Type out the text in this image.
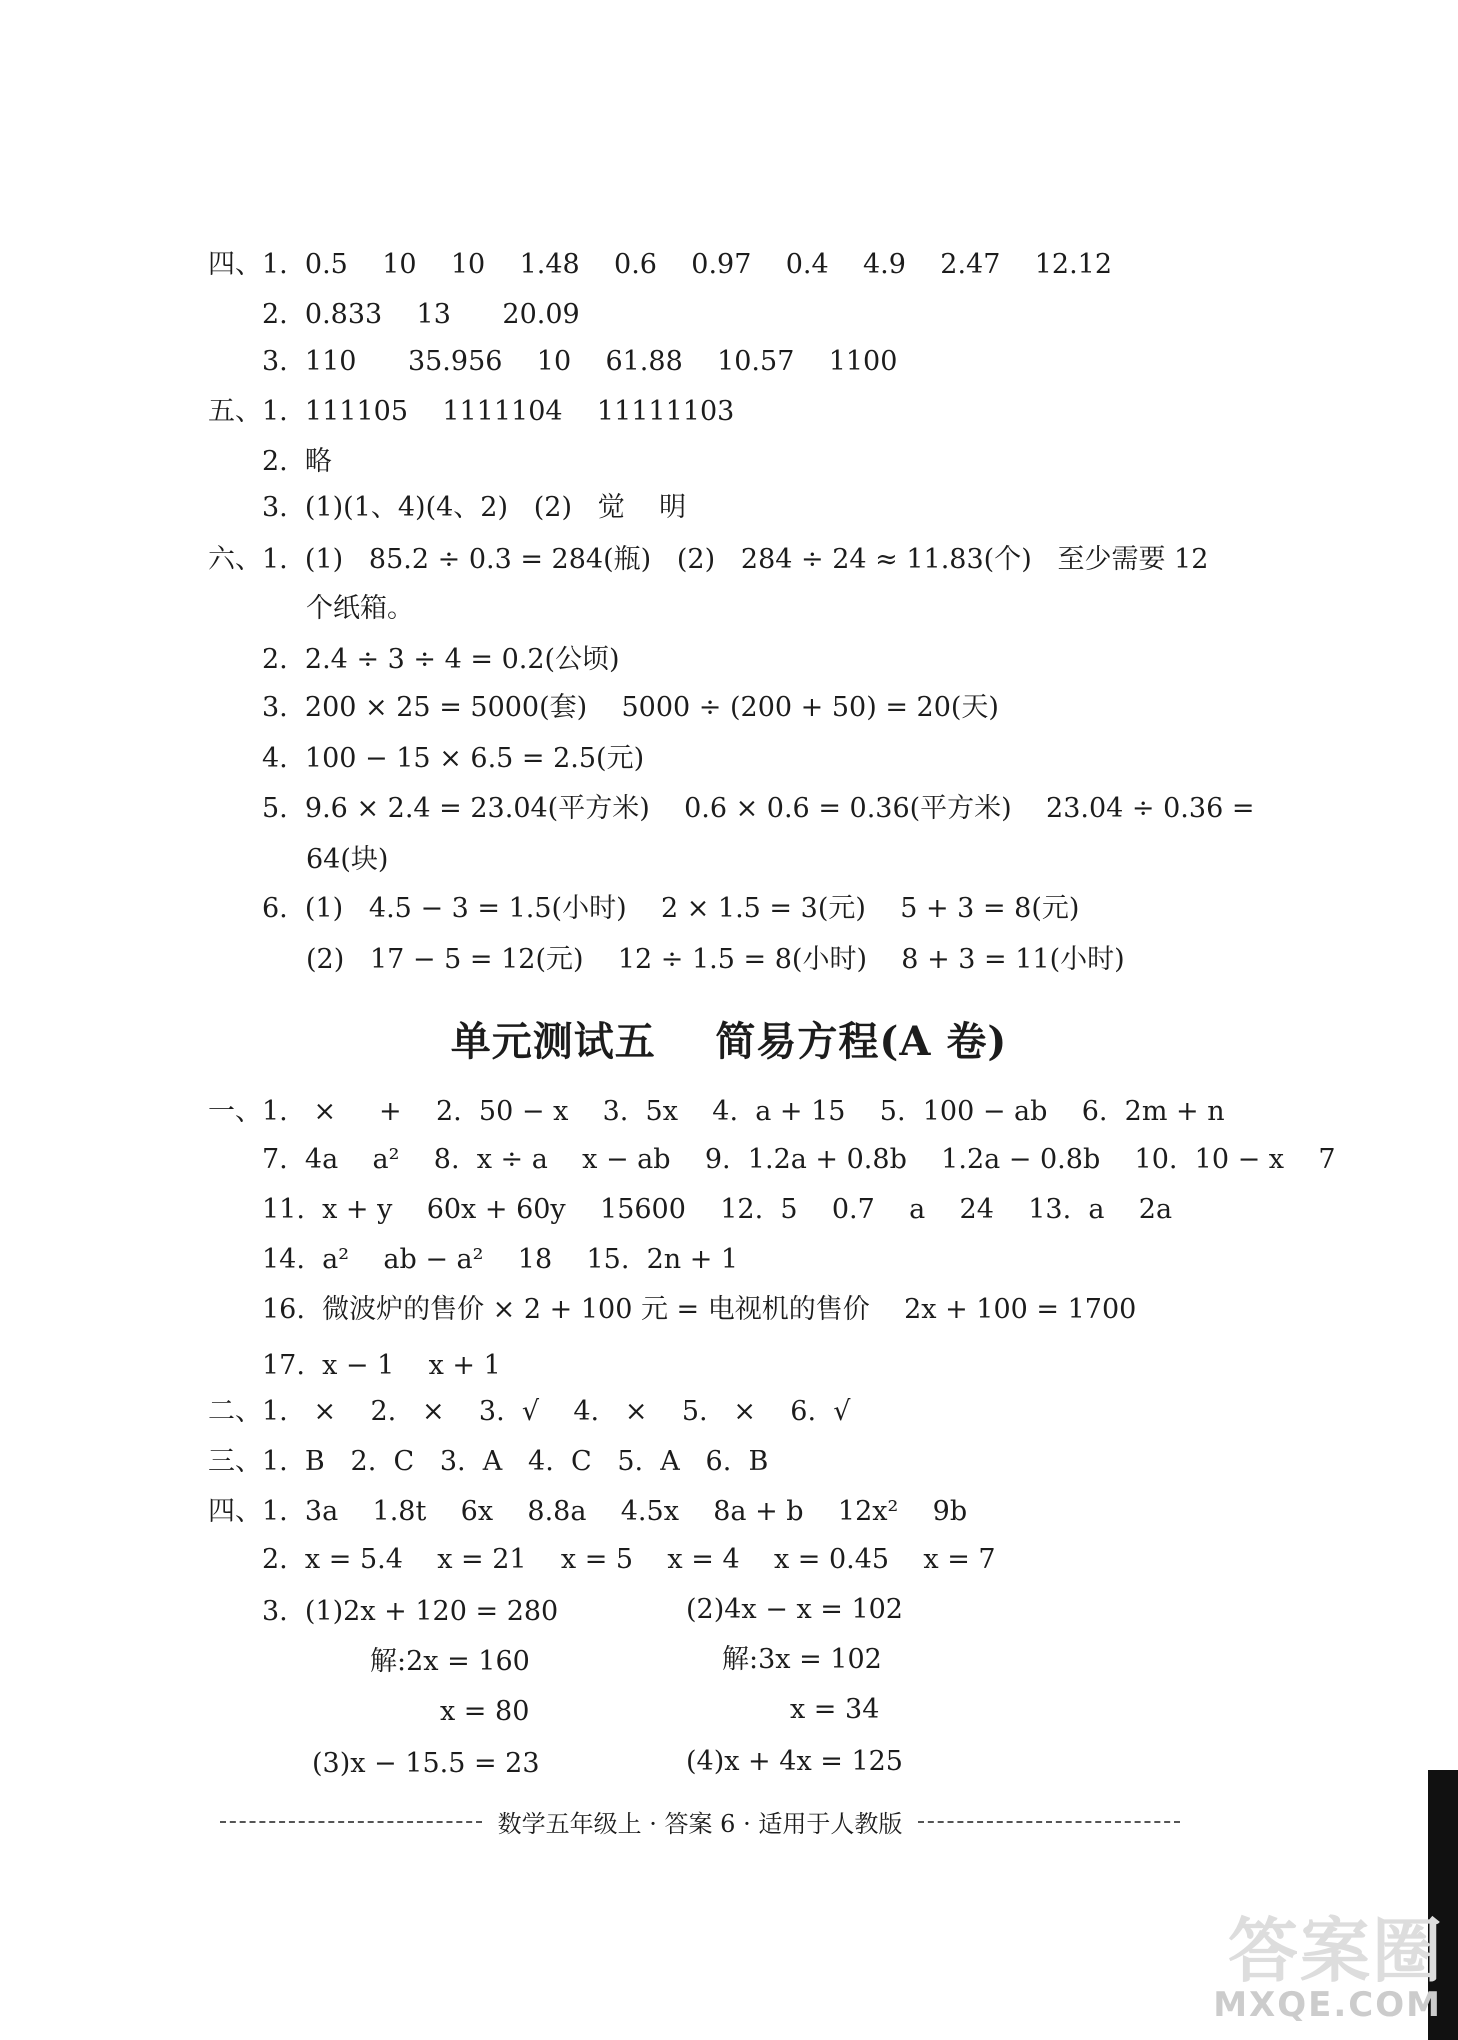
四、1.  0.5    10    10    1.48    0.6    0.97    0.4    4.9    2.47    12.12
2.  0.833    13      20.09
3.  110      35.956    10    61.88    10.57    1100
五、1.  111105    1111104    11111103
2.  略
3.  (1)(1、4)(4、2)   (2)   觉    明
六、1.  (1)   85.2 ÷ 0.3 = 284(瓶)   (2)   284 ÷ 24 ≈ 11.83(个)   至少需要 12
个纸箱。
2.  2.4 ÷ 3 ÷ 4 = 0.2(公顷)
3.  200 × 25 = 5000(套)    5000 ÷ (200 + 50) = 20(天)
4.  100 − 15 × 6.5 = 2.5(元)
5.  9.6 × 2.4 = 23.04(平方米)    0.6 × 0.6 = 0.36(平方米)    23.04 ÷ 0.36 =
64(块)
6.  (1)   4.5 − 3 = 1.5(小时)    2 × 1.5 = 3(元)    5 + 3 = 8(元)
(2)   17 − 5 = 12(元)    12 ÷ 1.5 = 8(小时)    8 + 3 = 11(小时)
单元测试五    简易方程(A 卷)
一、1.   ×     +    2.  50 − x    3.  5x    4.  a + 15    5.  100 − ab    6.  2m + n
7.  4a    a²    8.  x ÷ a    x − ab    9.  1.2a + 0.8b    1.2a − 0.8b    10.  10 − x    7
11.  x + y    60x + 60y    15600    12.  5    0.7    a    24    13.  a    2a
14.  a²    ab − a²    18    15.  2n + 1
16.  微波炉的售价 × 2 + 100 元 = 电视机的售价    2x + 100 = 1700
17.  x − 1    x + 1
二、1.   ×    2.   ×    3.  √    4.   ×    5.   ×    6.  √
三、1.  B   2.  C   3.  A   4.  C   5.  A   6.  B
四、1.  3a    1.8t    6x    8.8a    4.5x    8a + b    12x²    9b
2.  x = 5.4    x = 21    x = 5    x = 4    x = 0.45    x = 7
3.  (1)2x + 120 = 280	(2)4x − x = 102
解:2x = 160	解:3x = 102
x = 80	x = 34
(3)x − 15.5 = 23	(4)x + 4x = 125
数学五年级上 · 答案 6 · 适用于人教版
答案圈
MXQE.COM
